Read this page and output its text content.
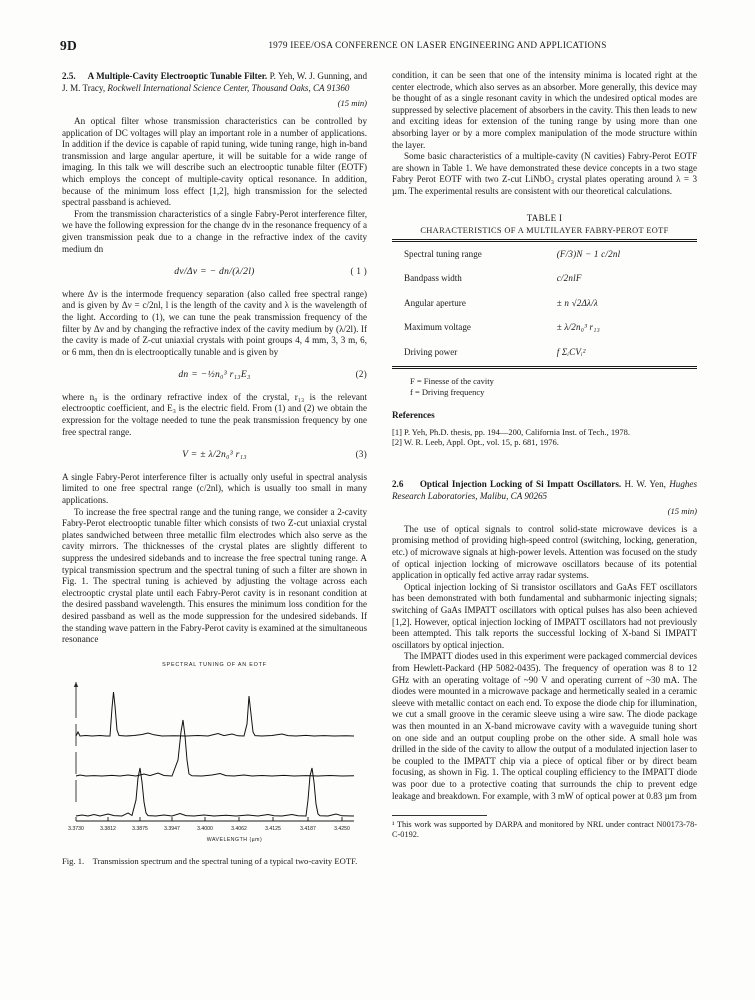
9D	1979 IEEE/OSA CONFERENCE ON LASER ENGINEERING AND APPLICATIONS
2.5. A Multiple-Cavity Electrooptic Tunable Filter. P. Yeh, W. J. Gunning, and J. M. Tracy, Rockwell International Science Center, Thousand Oaks, CA 91360
(15 min)

An optical filter whose transmission characteristics can be controlled by application of DC voltages will play an important role in a number of applications. In addition if the device is capable of rapid tuning, wide tuning range, high in-band transmission and large angular aperture, it will be suitable for a wide range of imaging. In this talk we will describe such an electrooptic tunable filter (EOTF) which employs the concept of multiple-cavity optical resonance. In addition, because of the minimum loss effect [1,2], high transmission for the selected spectral passband is achieved.

From the transmission characteristics of a single Fabry-Perot interference filter, we have the following expression for the change dν in the resonance frequency of a given transmission peak due to a change in the refractive index of the cavity medium dn

dν/Δν = − dn/(λ/2l)	( 1 )

where Δν is the intermode frequency separation (also called free spectral range) and is given by Δν = c/2nl, l is the length of the cavity and λ is the wavelength of the light. According to (1), we can tune the peak transmission frequency of the filter by Δν and by changing the refractive index of the cavity medium by (λ/2l). If the cavity is made of Z-cut uniaxial crystals with point groups 4, 4 mm, 3, 3 m, 6, or 6 mm, then dn is electrooptically tunable and is given by

dn = −½n₀³ r₁₃E₃	(2)

where n₀ is the ordinary refractive index of the crystal, r₁₃ is the relevant electrooptic coefficient, and E₃ is the electric field. From (1) and (2) we obtain the expression for the voltage needed to tune the peak transmission frequency by one free spectral range.

V = ± λ/2n₀³ r₁₃	(3)

A single Fabry-Perot interference filter is actually only useful in spectral analysis limited to one free spectral range (c/2nl), which is usually too small in many applications.

To increase the free spectral range and the tuning range, we consider a 2-cavity Fabry-Perot electrooptic tunable filter which consists of two Z-cut uniaxial crystal plates sandwiched between three metallic film electrodes which also serve as the cavity mirrors. The thicknesses of the crystal plates are slightly different to suppress the undesired sidebands and to increase the free spectral tuning range. A typical transmission spectrum and the spectral tuning of such a filter are shown in Fig. 1. The spectral tuning is achieved by adjusting the voltage across each electrooptic crystal plate until each Fabry-Perot cavity is in resonant condition at the desired passband wavelength. This ensures the minimum loss condition for the desired passband as well as the mode suppression for the undesired sidebands. If the standing wave pattern in the Fabry-Perot cavity is examined at the simultaneous resonance

SPECTRAL TUNING OF AN EOTF
3.3730	3.3812	3.3875	3.3947	3.4000	3.4062	3.4125	3.4187	3.4250
WAVELENGTH (µm)
Fig. 1. Transmission spectrum and the spectral tuning of a typical two-cavity EOTF.

condition, it can be seen that one of the intensity minima is located right at the center electrode, which also serves as an absorber. More generally, this device may be thought of as a single resonant cavity in which the undesired optical modes are suppressed by selective placement of absorbers in the cavity. This then leads to new and exciting ideas for extension of the tuning range by using more than one absorbing layer or by a more complex manipulation of the mode structure within the layer.

Some basic characteristics of a multiple-cavity (N cavities) Fabry-Perot EOTF are shown in Table 1. We have demonstrated these device concepts in a two stage Fabry Perot EOTF with two Z-cut LiNbO₃ crystal plates operating around λ = 3 µm. The experimental results are consistent with our theoretical calculations.

TABLE I
CHARACTERISTICS OF A MULTILAYER FABRY-PEROT EOTF
Spectral tuning range	(F/3)N − 1 c/2nl
Bandpass width	c/2nlF
Angular aperture	± n √2Δλ/λ
Maximum voltage	± λ/2n₀³ r₁₃
Driving power	f ΣᵢCVᵢ²
F = Finesse of the cavity
f = Driving frequency
References
[1] P. Yeh, Ph.D. thesis, pp. 194—200, California Inst. of Tech., 1978.
[2] W. R. Leeb, Appl. Opt., vol. 15, p. 681, 1976.
2.6 Optical Injection Locking of Si Impatt Oscillators. H. W. Yen, Hughes Research Laboratories, Malibu, CA 90265
(15 min)

The use of optical signals to control solid-state microwave devices is a promising method of providing high-speed control (switching, locking, generation, etc.) of microwave signals at high-power levels. Attention was focused on the study of optical injection locking of microwave oscillators because of its potential application in optically fed active array radar systems.

Optical injection locking of Si transistor oscillators and GaAs FET oscillators has been demonstrated with both fundamental and subharmonic injecting signals; switching of GaAs IMPATT oscillators with optical pulses has also been achieved [1,2]. However, optical injection locking of IMPATT oscillators had not previously been attempted. This talk reports the successful locking of X-band Si IMPATT oscillators by optical injection.

The IMPATT diodes used in this experiment were packaged commercial devices from Hewlett-Packard (HP 5082-0435). The frequency of operation was 8 to 12 GHz with an operating voltage of ~90 V and operating current of ~30 mA. The diodes were mounted in a microwave package and hermetically sealed in a ceramic sleeve with metallic contact on each end. To expose the diode chip for illumination, we cut a small groove in the ceramic sleeve using a wire saw. The diode package was then mounted in an X-band microwave cavity with a waveguide tuning short on one side and an output coupling probe on the other side. A small hole was drilled in the side of the cavity to allow the output of a modulated injection laser to be coupled to the IMPATT chip via a piece of optical fiber or by direct beam focusing, as shown in Fig. 1. The optical coupling efficiency to the IMPATT diode was poor due to a protective coating that surrounds the chip to prevent edge leakage and breakdown. For example, with 3 mW of optical power at 0.83 µm from

¹ This work was supported by DARPA and monitored by NRL under contract N00173-78-C-0192.
